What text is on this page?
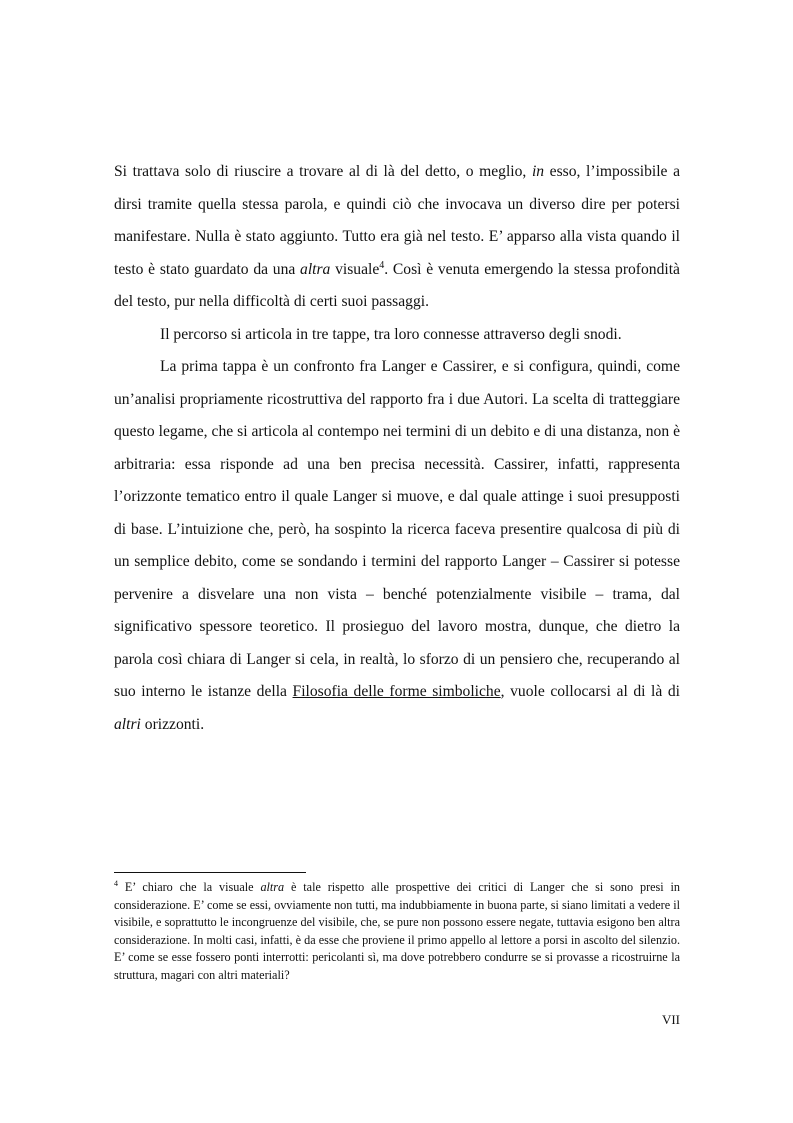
Si trattava solo di riuscire a trovare al di là del detto, o meglio, in esso, l’impossibile a dirsi tramite quella stessa parola, e quindi ciò che invocava un diverso dire per potersi manifestare. Nulla è stato aggiunto. Tutto era già nel testo. E’ apparso alla vista quando il testo è stato guardato da una altra visuale$^4$. Così è venuta emergendo la stessa profondità del testo, pur nella difficoltà di certi suoi passaggi.

Il percorso si articola in tre tappe, tra loro connesse attraverso degli snodi.

La prima tappa è un confronto fra Langer e Cassirer, e si configura, quindi, come un’analisi propriamente ricostruttiva del rapporto fra i due Autori. La scelta di tratteggiare questo legame, che si articola al contempo nei termini di un debito e di una distanza, non è arbitraria: essa risponde ad una ben precisa necessità. Cassirer, infatti, rappresenta l’orizzonte tematico entro il quale Langer si muove, e dal quale attinge i suoi presupposti di base. L’intuizione che, però, ha sospinto la ricerca faceva presentire qualcosa di più di un semplice debito, come se sondando i termini del rapporto Langer – Cassirer si potesse pervenire a disvelare una non vista – benché potenzialmente visibile – trama, dal significativo spessore teoretico. Il prosieguo del lavoro mostra, dunque, che dietro la parola così chiara di Langer si cela, in realtà, lo sforzo di un pensiero che, recuperando al suo interno le istanze della Filosofia delle forme simboliche, vuole collocarsi al di là di altri orizzonti.

$^4$ E’ chiaro che la visuale altra è tale rispetto alle prospettive dei critici di Langer che si sono presi in considerazione. E’ come se essi, ovviamente non tutti, ma indubbiamente in buona parte, si siano limitati a vedere il visibile, e soprattutto le incongruenze del visibile, che, se pure non possono essere negate, tuttavia esigono ben altra considerazione. In molti casi, infatti, è da esse che proviene il primo appello al lettore a porsi in ascolto del silenzio. E’ come se esse fossero ponti interrotti: pericolanti sì, ma dove potrebbero condurre se si provasse a ricostruirne la struttura, magari con altri materiali?

VII
